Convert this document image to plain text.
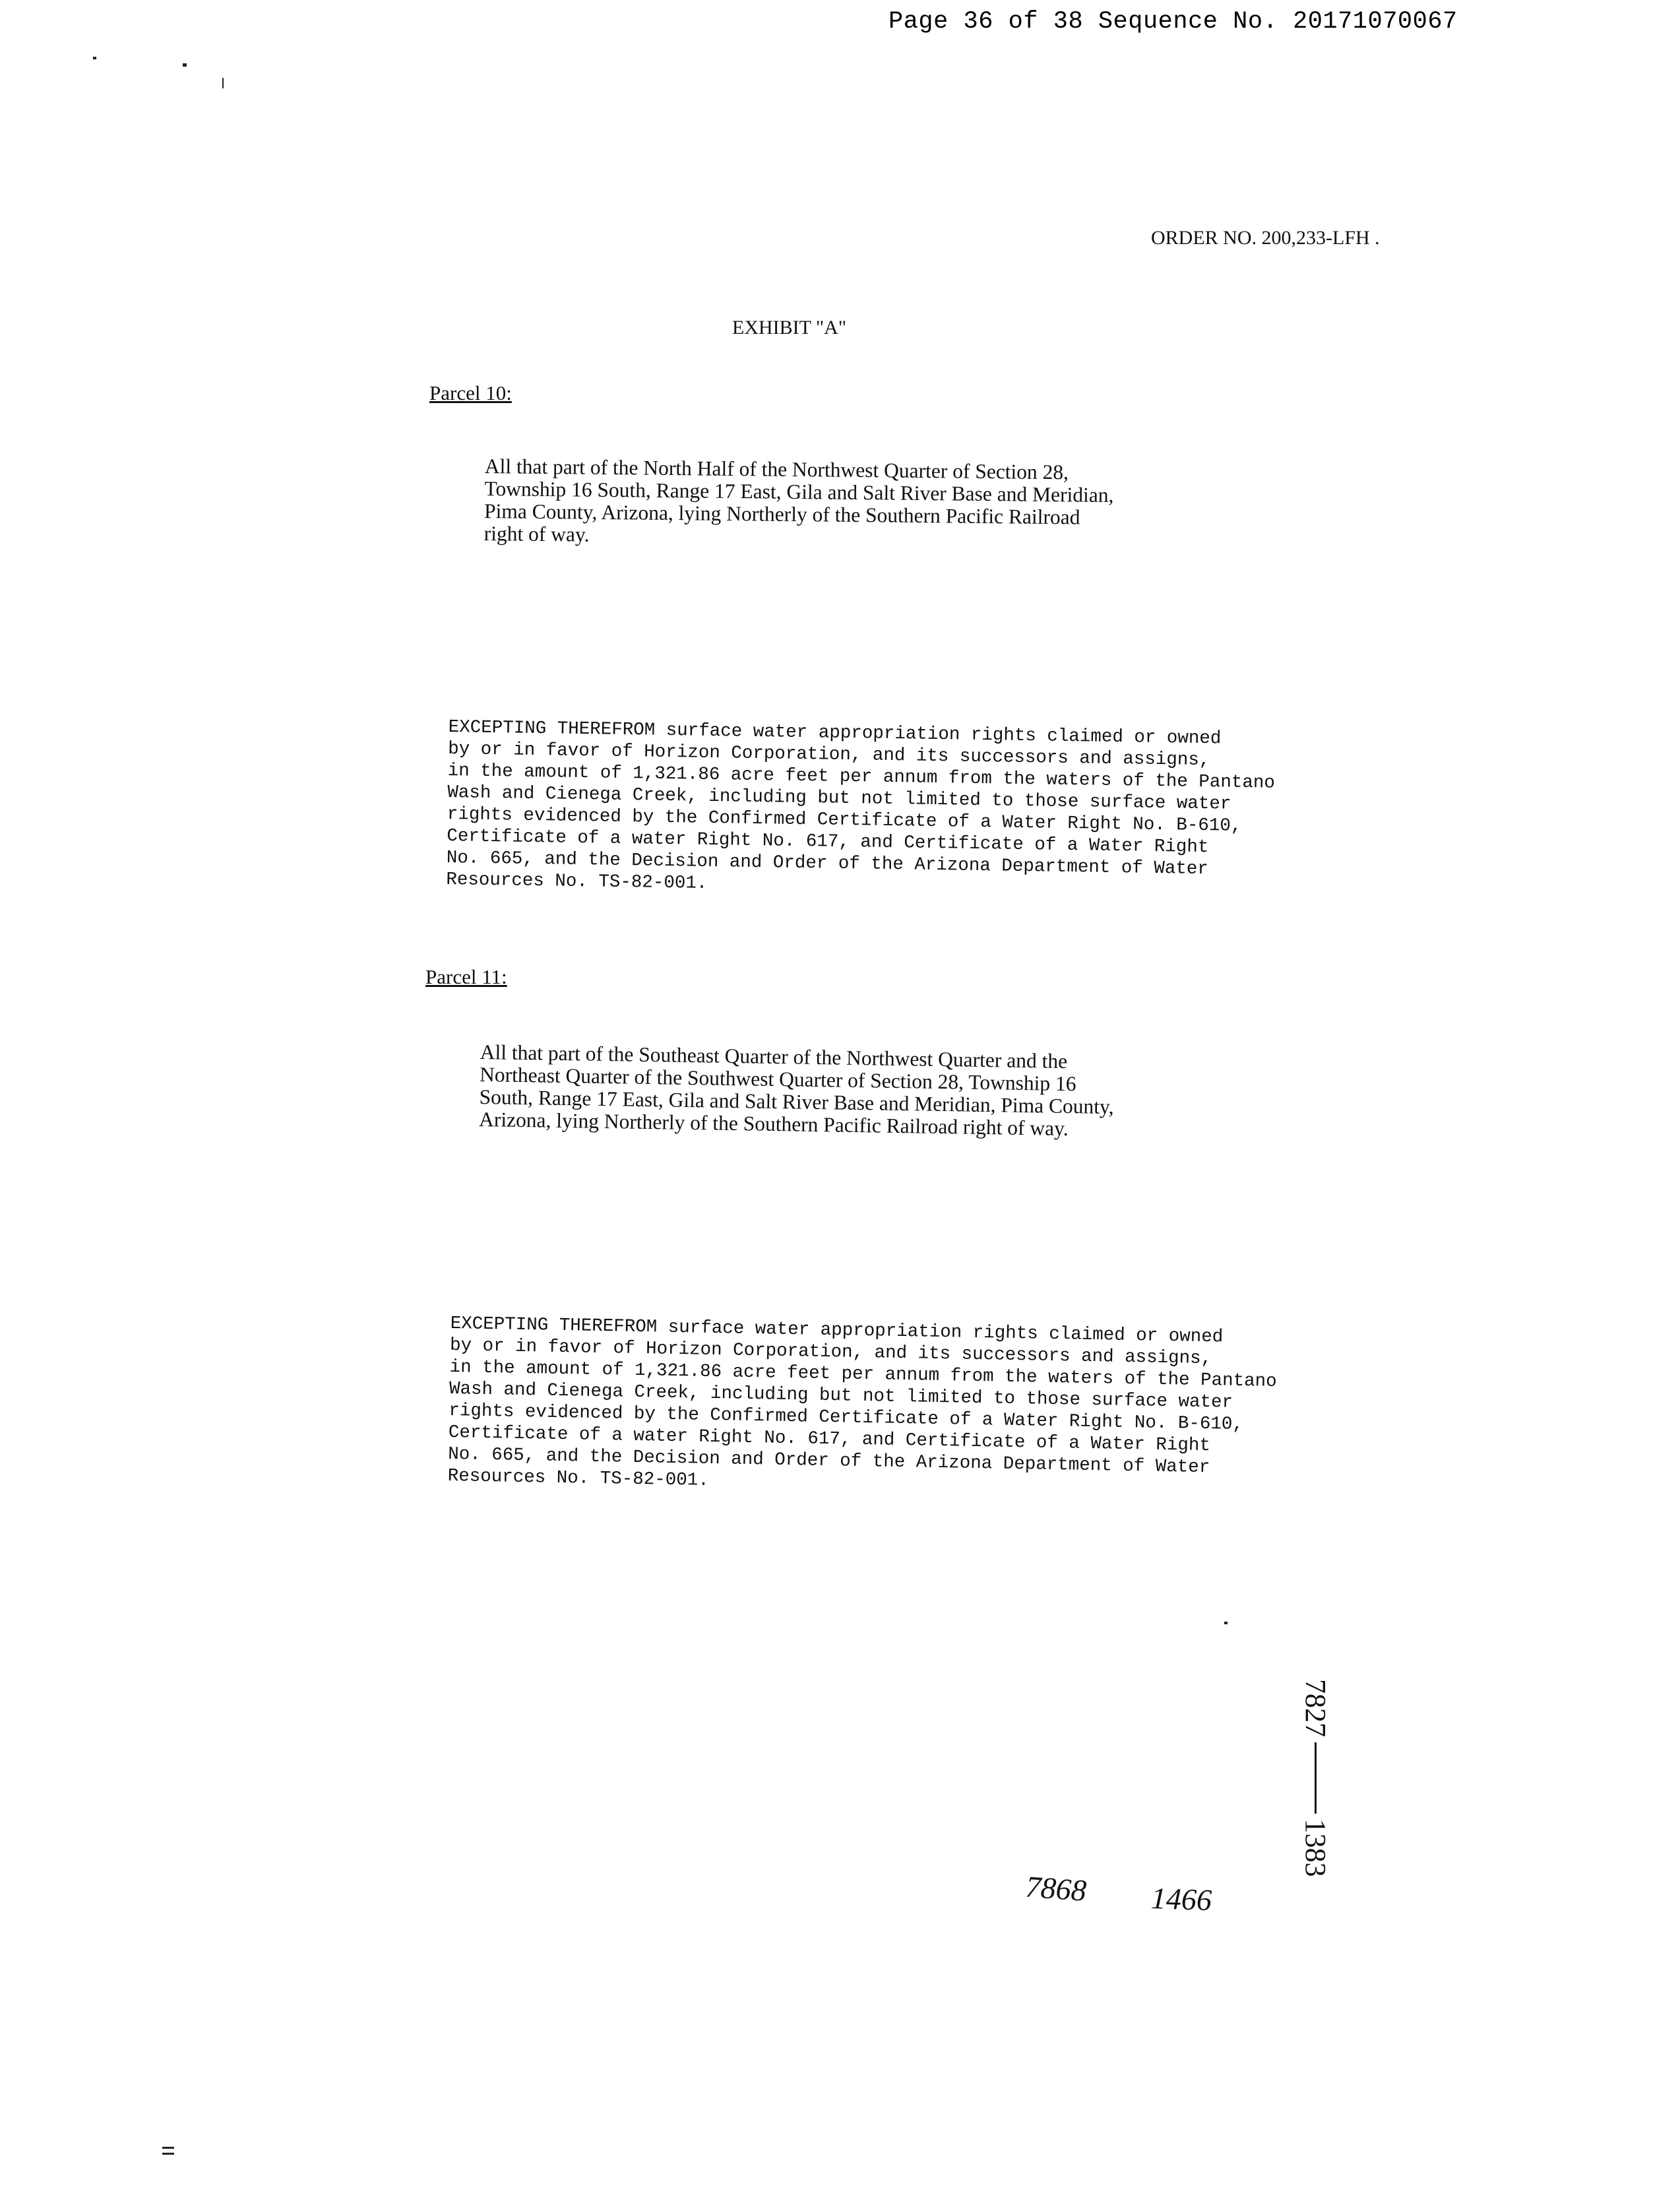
Page 36 of 38 Sequence No. 20171070067
ORDER NO. 200,233-LFH .
EXHIBIT "A"
Parcel 10:
All that part of the North Half of the Northwest Quarter of Section 28,
Township 16 South, Range 17 East, Gila and Salt River Base and Meridian,
Pima County, Arizona, lying Northerly of the Southern Pacific Railroad
right of way.
EXCEPTING THEREFROM surface water appropriation rights claimed or owned
by or in favor of Horizon Corporation, and its successors and assigns,
in the amount of 1,321.86 acre feet per annum from the waters of the Pantano
Wash and Cienega Creek, including but not limited to those surface water
rights evidenced by the Confirmed Certificate of a Water Right No. B-610,
Certificate of a water Right No. 617, and Certificate of a Water Right
No. 665, and the Decision and Order of the Arizona Department of Water
Resources No. TS-82-001.
Parcel 11:
All that part of the Southeast Quarter of the Northwest Quarter and the
Northeast Quarter of the Southwest Quarter of Section 28, Township 16
South, Range 17 East, Gila and Salt River Base and Meridian, Pima County,
Arizona, lying Northerly of the Southern Pacific Railroad right of way.
EXCEPTING THEREFROM surface water appropriation rights claimed or owned
by or in favor of Horizon Corporation, and its successors and assigns,
in the amount of 1,321.86 acre feet per annum from the waters of the Pantano
Wash and Cienega Creek, including but not limited to those surface water
rights evidenced by the Confirmed Certificate of a Water Right No. B-610,
Certificate of a water Right No. 617, and Certificate of a Water Right
No. 665, and the Decision and Order of the Arizona Department of Water
Resources No. TS-82-001.
7868 1466
7827
1383
